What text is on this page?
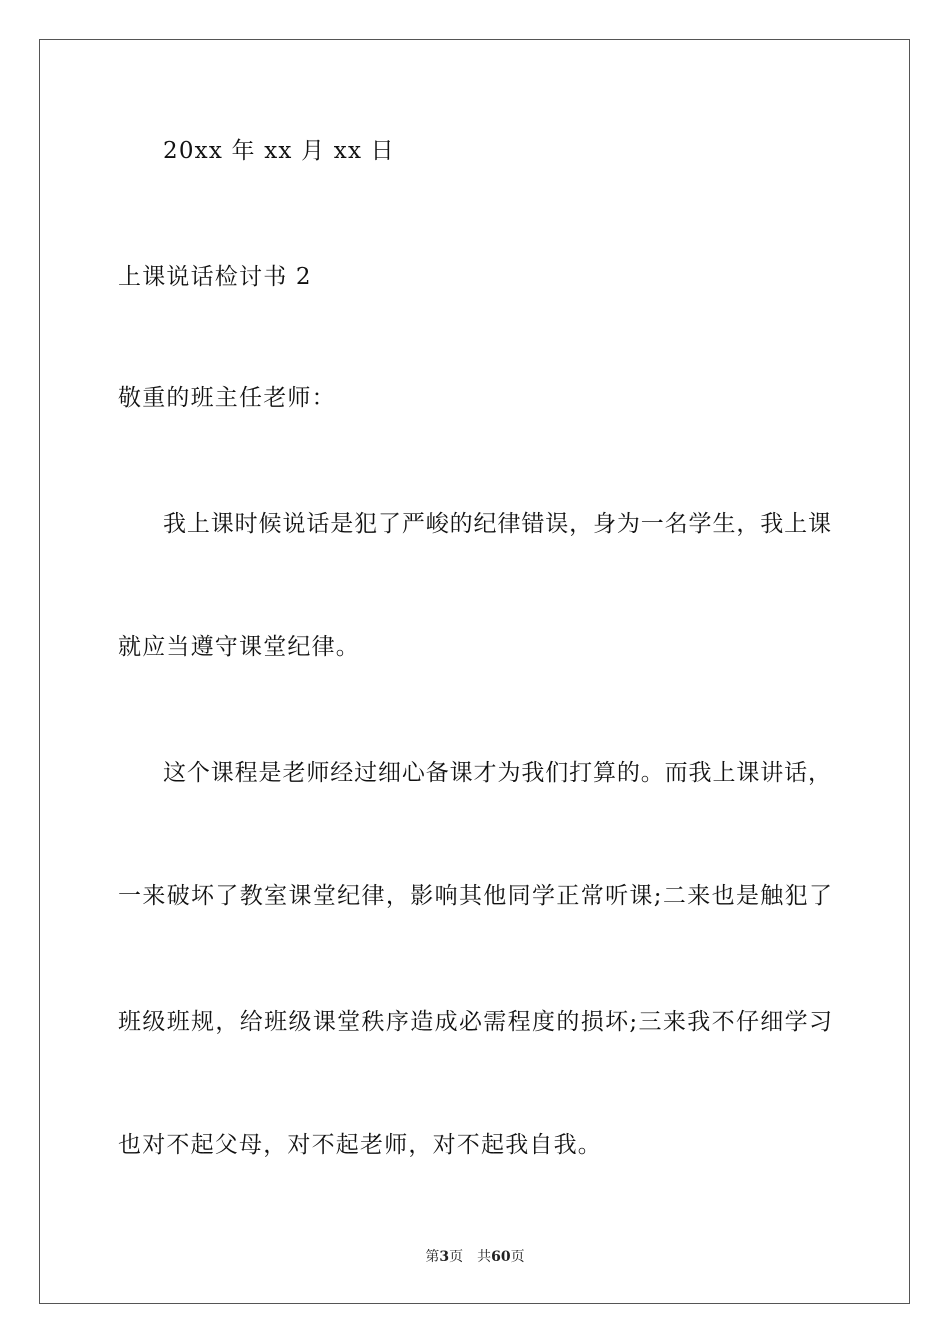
20xx 年 xx 月 xx 日
上课说话检讨书 2
敬重的班主任老师：
我上课时候说话是犯了严峻的纪律错误，身为一名学生，我上课
就应当遵守课堂纪律。
这个课程是老师经过细心备课才为我们打算的。而我上课讲话，
一来破坏了教室课堂纪律，影响其他同学正常听课;二来也是触犯了
班级班规，给班级课堂秩序造成必需程度的损坏;三来我不仔细学习
也对不起父母，对不起老师，对不起我自我。
第3页 共60页
